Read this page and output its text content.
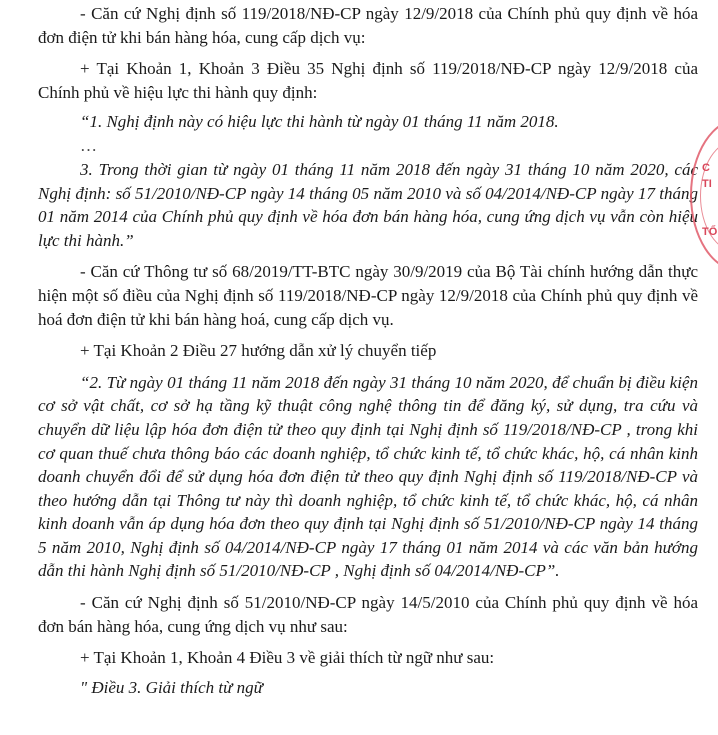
- Căn cứ Nghị định số 119/2018/NĐ-CP ngày 12/9/2018 của Chính phủ quy định về hóa đơn điện tử khi bán hàng hóa, cung cấp dịch vụ:

+ Tại Khoản 1, Khoản 3 Điều 35 Nghị định số 119/2018/NĐ-CP ngày 12/9/2018 của Chính phủ về hiệu lực thi hành quy định:

“1. Nghị định này có hiệu lực thi hành từ ngày 01 tháng 11 năm 2018.

…

3. Trong thời gian từ ngày 01 tháng 11 năm 2018 đến ngày 31 tháng 10 năm 2020, các Nghị định: số 51/2010/NĐ-CP ngày 14 tháng 05 năm 2010 và số 04/2014/NĐ-CP ngày 17 tháng 01 năm 2014 của Chính phủ quy định về hóa đơn bán hàng hóa, cung ứng dịch vụ vẫn còn hiệu lực thi hành.”

- Căn cứ Thông tư số 68/2019/TT-BTC ngày 30/9/2019 của Bộ Tài chính hướng dẫn thực hiện một số điều của Nghị định số 119/2018/NĐ-CP ngày 12/9/2018 của Chính phủ quy định về hoá đơn điện tử khi bán hàng hoá, cung cấp dịch vụ.

+ Tại Khoản 2 Điều 27 hướng dẫn xử lý chuyển tiếp

“2. Từ ngày 01 tháng 11 năm 2018 đến ngày 31 tháng 10 năm 2020, để chuẩn bị điều kiện cơ sở vật chất, cơ sở hạ tầng kỹ thuật công nghệ thông tin để đăng ký, sử dụng, tra cứu và chuyển dữ liệu lập hóa đơn điện tử theo quy định tại Nghị định số 119/2018/NĐ-CP , trong khi cơ quan thuế chưa thông báo các doanh nghiệp, tổ chức kinh tế, tổ chức khác, hộ, cá nhân kinh doanh chuyển đổi để sử dụng hóa đơn điện tử theo quy định Nghị định số 119/2018/NĐ-CP và theo hướng dẫn tại Thông tư này thì doanh nghiệp, tổ chức kinh tế, tổ chức khác, hộ, cá nhân kinh doanh vẫn áp dụng hóa đơn theo quy định tại Nghị định số 51/2010/NĐ-CP ngày 14 tháng 5 năm 2010, Nghị định số 04/2014/NĐ-CP ngày 17 tháng 01 năm 2014 và các văn bản hướng dẫn thi hành Nghị định số 51/2010/NĐ-CP , Nghị định số 04/2014/NĐ-CP”.

- Căn cứ Nghị định số 51/2010/NĐ-CP ngày 14/5/2010 của Chính phủ quy định về hóa đơn bán hàng hóa, cung ứng dịch vụ như sau:

+ Tại Khoản 1, Khoản 4 Điều 3 về giải thích từ ngữ như sau:

" Điều 3. Giải thích từ ngữ

C
TI

TỔ
